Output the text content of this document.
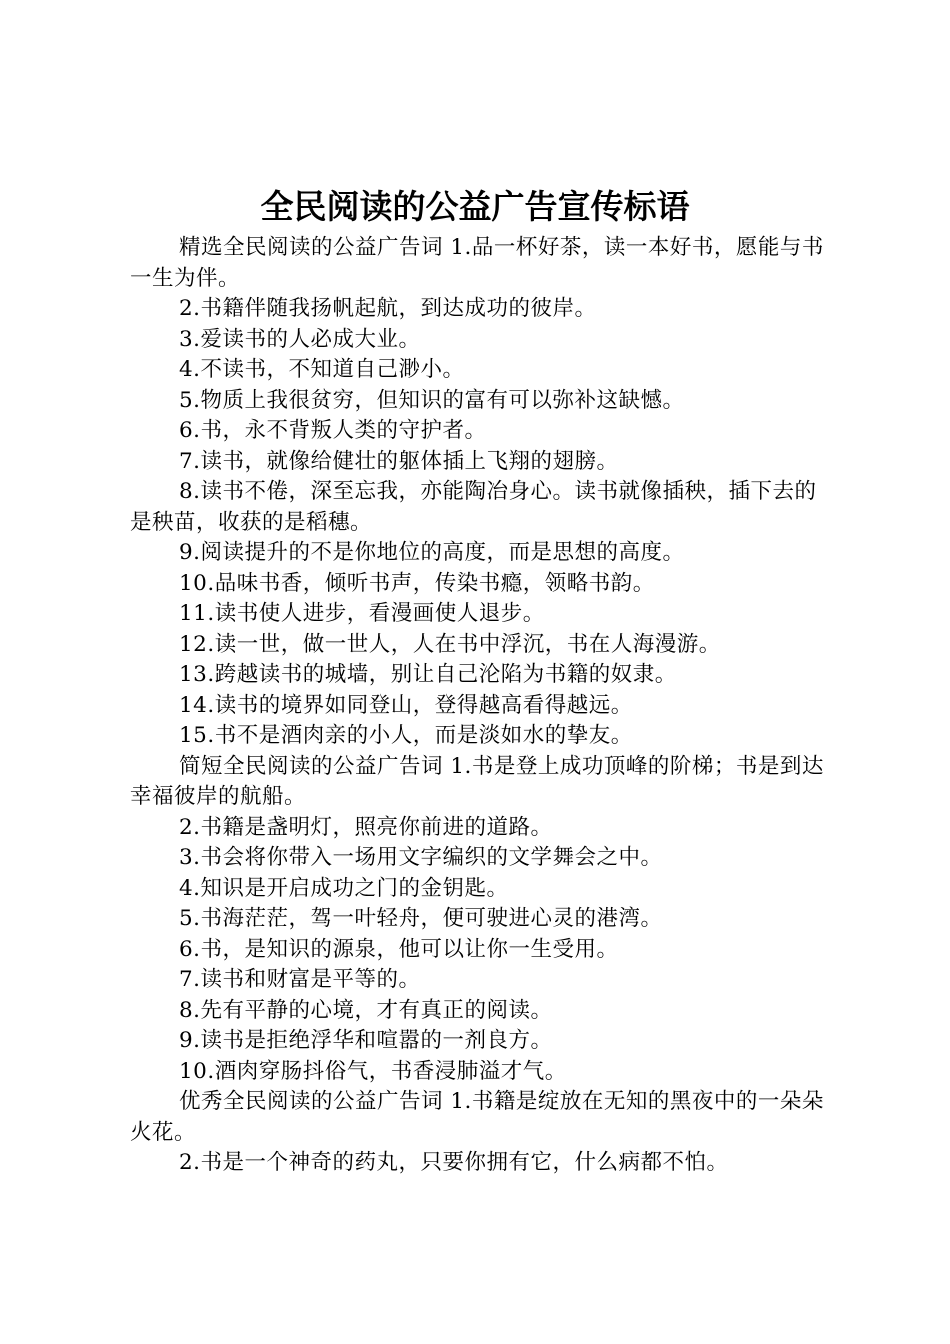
全民阅读的公益广告宣传标语

精选全民阅读的公益广告词 1.品一杯好茶，读一本好书，愿能与书一生为伴。

2.书籍伴随我扬帆起航，到达成功的彼岸。

3.爱读书的人必成大业。

4.不读书，不知道自己渺小。

5.物质上我很贫穷，但知识的富有可以弥补这缺憾。

6.书，永不背叛人类的守护者。

7.读书，就像给健壮的躯体插上飞翔的翅膀。

8.读书不倦，深至忘我，亦能陶冶身心。读书就像插秧，插下去的是秧苗，收获的是稻穗。

9.阅读提升的不是你地位的高度，而是思想的高度。

10.品味书香，倾听书声，传染书瘾，领略书韵。

11.读书使人进步，看漫画使人退步。

12.读一世，做一世人，人在书中浮沉，书在人海漫游。

13.跨越读书的城墙，别让自己沦陷为书籍的奴隶。

14.读书的境界如同登山，登得越高看得越远。

15.书不是酒肉亲的小人，而是淡如水的挚友。

简短全民阅读的公益广告词 1.书是登上成功顶峰的阶梯；书是到达幸福彼岸的航船。

2.书籍是盏明灯，照亮你前进的道路。

3.书会将你带入一场用文字编织的文学舞会之中。

4.知识是开启成功之门的金钥匙。

5.书海茫茫，驾一叶轻舟，便可驶进心灵的港湾。

6.书，是知识的源泉，他可以让你一生受用。

7.读书和财富是平等的。

8.先有平静的心境，才有真正的阅读。

9.读书是拒绝浮华和喧嚣的一剂良方。

10.酒肉穿肠抖俗气，书香浸肺溢才气。

优秀全民阅读的公益广告词 1.书籍是绽放在无知的黑夜中的一朵朵火花。

2.书是一个神奇的药丸，只要你拥有它，什么病都不怕。
